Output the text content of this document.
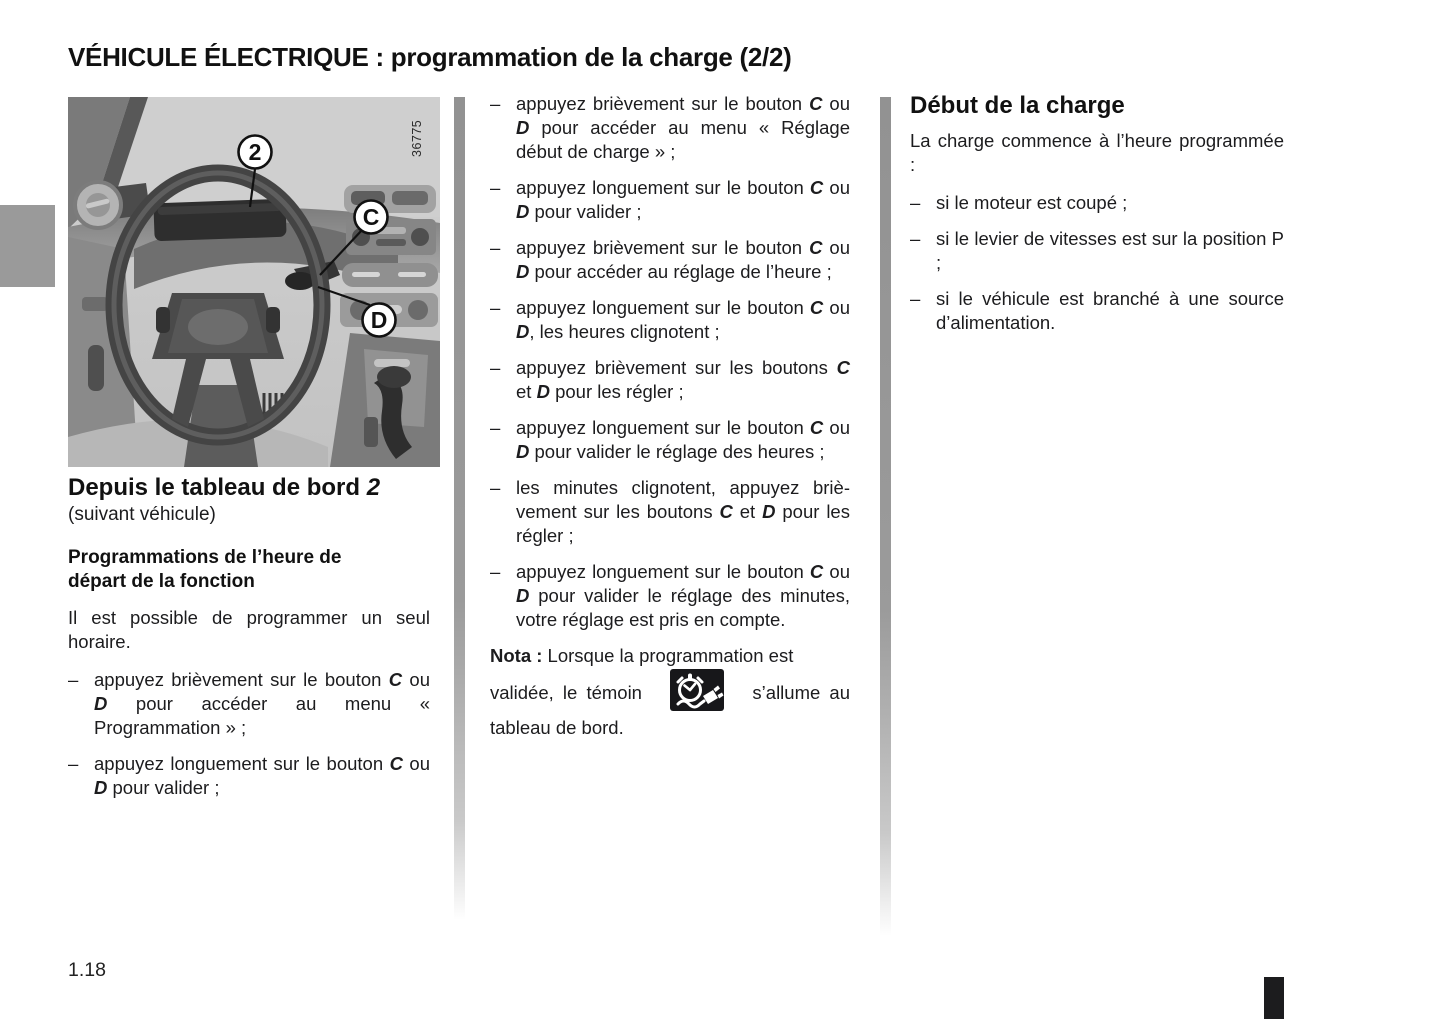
VÉHICULE ÉLECTRIQUE : programmation de la charge (2/2)
36775
2
C
D
Depuis le tableau de bord 2
(suivant véhicule)
Programmations de l’heure de départ de la fonction
Il est possible de programmer un seul horaire.
– appuyez brièvement sur le bouton C ou D pour accéder au menu « Programmation » ;
– appuyez longuement sur le bouton C ou D pour valider ;
– appuyez brièvement sur le bouton C ou D pour accéder au menu « Réglage début de charge » ;
– appuyez longuement sur le bouton C ou D pour valider ;
– appuyez brièvement sur le bouton C ou D pour accéder au réglage de l’heure ;
– appuyez longuement sur le bouton C ou D, les heures clignotent ;
– appuyez brièvement sur les boutons C et D pour les régler ;
– appuyez longuement sur le bouton C ou D pour valider le réglage des heures ;
– les minutes clignotent, appuyez brièvement sur les boutons C et D pour les régler ;
– appuyez longuement sur le bouton C ou D pour valider le réglage des minutes, votre réglage est pris en compte.
Nota : Lorsque la programmation est
validée, le témoin	s’allume au
tableau de bord.
Début de la charge
La charge commence à l’heure programmée :
– si le moteur est coupé ;
– si le levier de vitesses est sur la position P ;
– si le véhicule est branché à une source d’alimentation.
1.18
